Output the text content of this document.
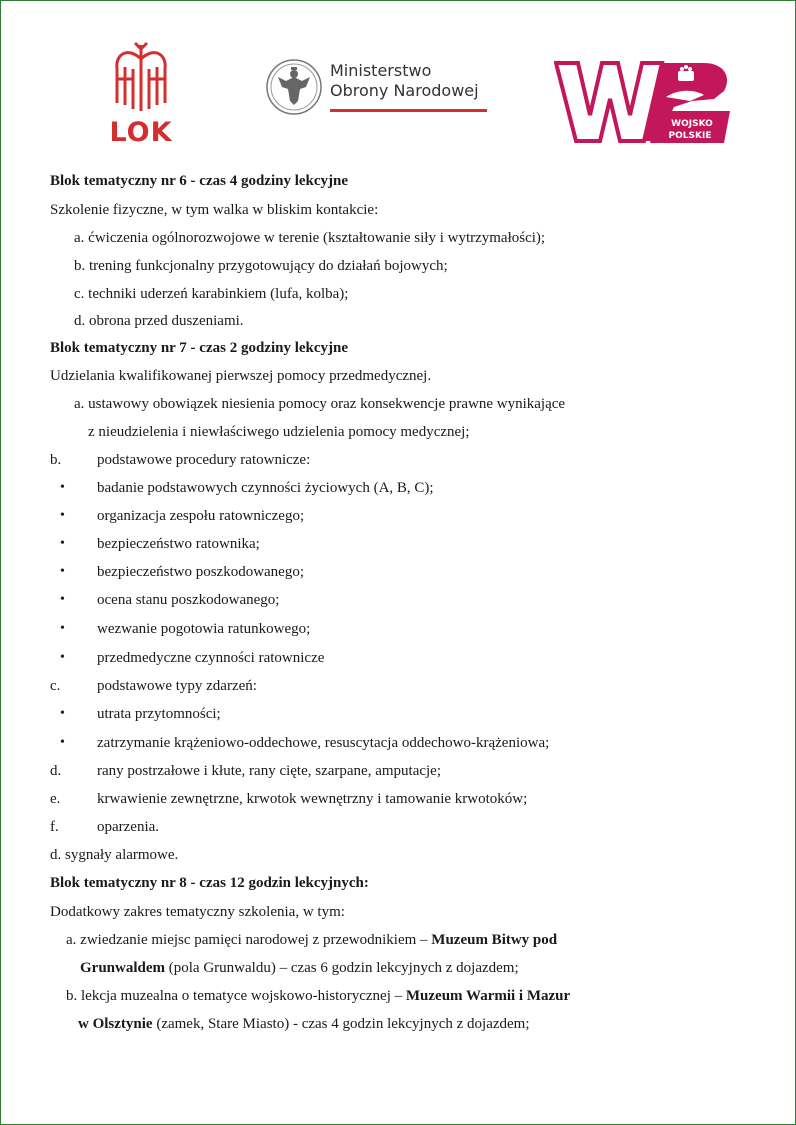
LOK
Ministerstwo
Obrony Narodowej
WOJSKO
POLSKIE
Blok tematyczny nr 6 - czas 4 godziny lekcyjne
Szkolenie fizyczne, w tym walka w bliskim kontakcie:
a. ćwiczenia ogólnorozwojowe w terenie (kształtowanie siły i wytrzymałości);
b. trening funkcjonalny przygotowujący do działań bojowych;
c. techniki uderzeń karabinkiem (lufa, kolba);
d. obrona przed duszeniami.
Blok tematyczny nr 7 - czas 2 godziny lekcyjne
Udzielania kwalifikowanej pierwszej pomocy przedmedycznej.
a. ustawowy obowiązek niesienia pomocy oraz konsekwencje prawne wynikające
z nieudzielenia i niewłaściwego udzielenia pomocy medycznej;
b.	podstawowe procedury ratownicze:
•	badanie podstawowych czynności życiowych (A, B, C);
•	organizacja zespołu ratowniczego;
•	bezpieczeństwo ratownika;
•	bezpieczeństwo poszkodowanego;
•	ocena stanu poszkodowanego;
•	wezwanie pogotowia ratunkowego;
•	przedmedyczne czynności ratownicze
c.	podstawowe typy zdarzeń:
•	utrata przytomności;
•	zatrzymanie krążeniowo-oddechowe, resuscytacja oddechowo-krążeniowa;
d.	rany postrzałowe i kłute, rany cięte, szarpane, amputacje;
e.	krwawienie zewnętrzne, krwotok wewnętrzny i tamowanie krwotoków;
f.	oparzenia.
d. sygnały alarmowe.
Blok tematyczny nr 8 - czas 12 godzin lekcyjnych:
Dodatkowy zakres tematyczny szkolenia, w tym:
a. zwiedzanie miejsc pamięci narodowej z przewodnikiem – Muzeum Bitwy pod
Grunwaldem (pola Grunwaldu) – czas 6 godzin lekcyjnych z dojazdem;
b. lekcja muzealna o tematyce wojskowo-historycznej – Muzeum Warmii i Mazur
w Olsztynie (zamek, Stare Miasto) - czas 4 godzin lekcyjnych z dojazdem;
